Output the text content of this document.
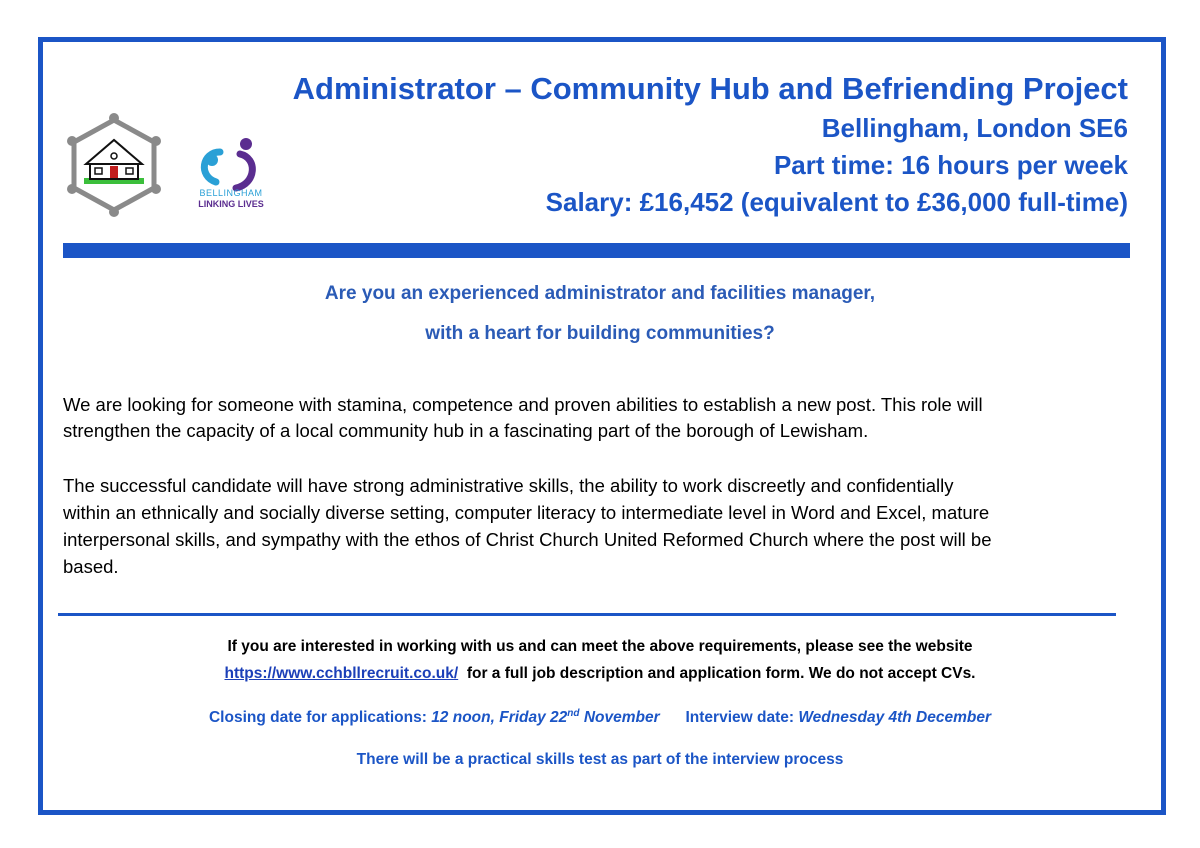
BELLINGHAM
LINKING LIVES

Administrator – Community Hub and Befriending Project

Bellingham, London SE6

Part time: 16 hours per week

Salary: £16,452 (equivalent to £36,000 full-time)

Are you an experienced administrator and facilities manager,
with a heart for building communities?

We are looking for someone with stamina, competence and proven abilities to establish a new post. This role will

strengthen the capacity of a local community hub in a fascinating part of the borough of Lewisham.

The successful candidate will have strong administrative skills, the ability to work discreetly and confidentially

within an ethnically and socially diverse setting, computer literacy to intermediate level in Word and Excel, mature

interpersonal skills, and sympathy with the ethos of Christ Church United Reformed Church where the post will be

based.

If you are interested in working with us and can meet the above requirements, please see the website
https://www.cchbllrecruit.co.uk/ for a full job description and application form. We do not accept CVs.
Closing date for applications: 12 noon, Friday 22nd November Interview date: Wednesday 4th December
There will be a practical skills test as part of the interview process
